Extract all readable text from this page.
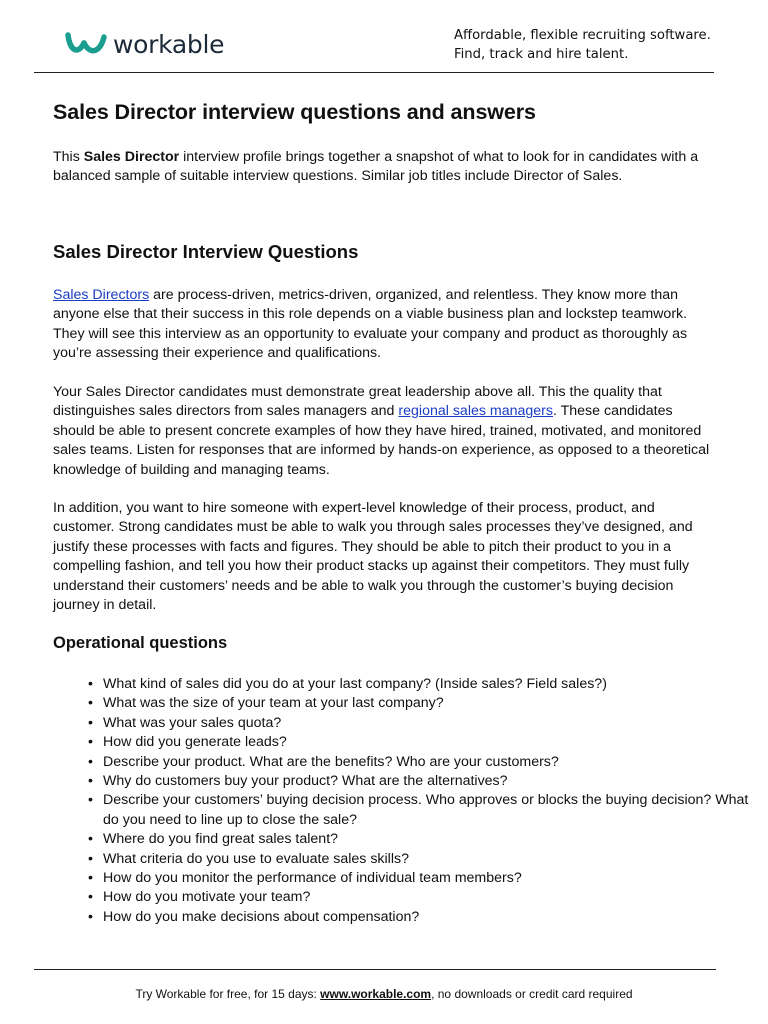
workable	Affordable, flexible recruiting software.
Find, track and hire talent.
Sales Director interview questions and answers

This Sales Director interview profile brings together a snapshot of what to look for in candidates with a balanced sample of suitable interview questions. Similar job titles include Director of Sales.

Sales Director Interview Questions

Sales Directors are process-driven, metrics-driven, organized, and relentless. They know more than anyone else that their success in this role depends on a viable business plan and lockstep teamwork. They will see this interview as an opportunity to evaluate your company and product as thoroughly as you’re assessing their experience and qualifications.

Your Sales Director candidates must demonstrate great leadership above all. This the quality that distinguishes sales directors from sales managers and regional sales managers. These candidates should be able to present concrete examples of how they have hired, trained, motivated, and monitored sales teams. Listen for responses that are informed by hands-on experience, as opposed to a theoretical knowledge of building and managing teams.

In addition, you want to hire someone with expert-level knowledge of their process, product, and customer. Strong candidates must be able to walk you through sales processes they’ve designed, and justify these processes with facts and figures. They should be able to pitch their product to you in a compelling fashion, and tell you how their product stacks up against their competitors. They must fully understand their customers’ needs and be able to walk you through the customer’s buying decision journey in detail.

Operational questions
• What kind of sales did you do at your last company? (Inside sales? Field sales?)
• What was the size of your team at your last company?
• What was your sales quota?
• How did you generate leads?
• Describe your product. What are the benefits? Who are your customers?
• Why do customers buy your product? What are the alternatives?
• Describe your customers’ buying decision process. Who approves or blocks the buying decision? What do you need to line up to close the sale?
• Where do you find great sales talent?
• What criteria do you use to evaluate sales skills?
• How do you monitor the performance of individual team members?
• How do you motivate your team?
• How do you make decisions about compensation?
Try Workable for free, for 15 days: www.workable.com, no downloads or credit card required
